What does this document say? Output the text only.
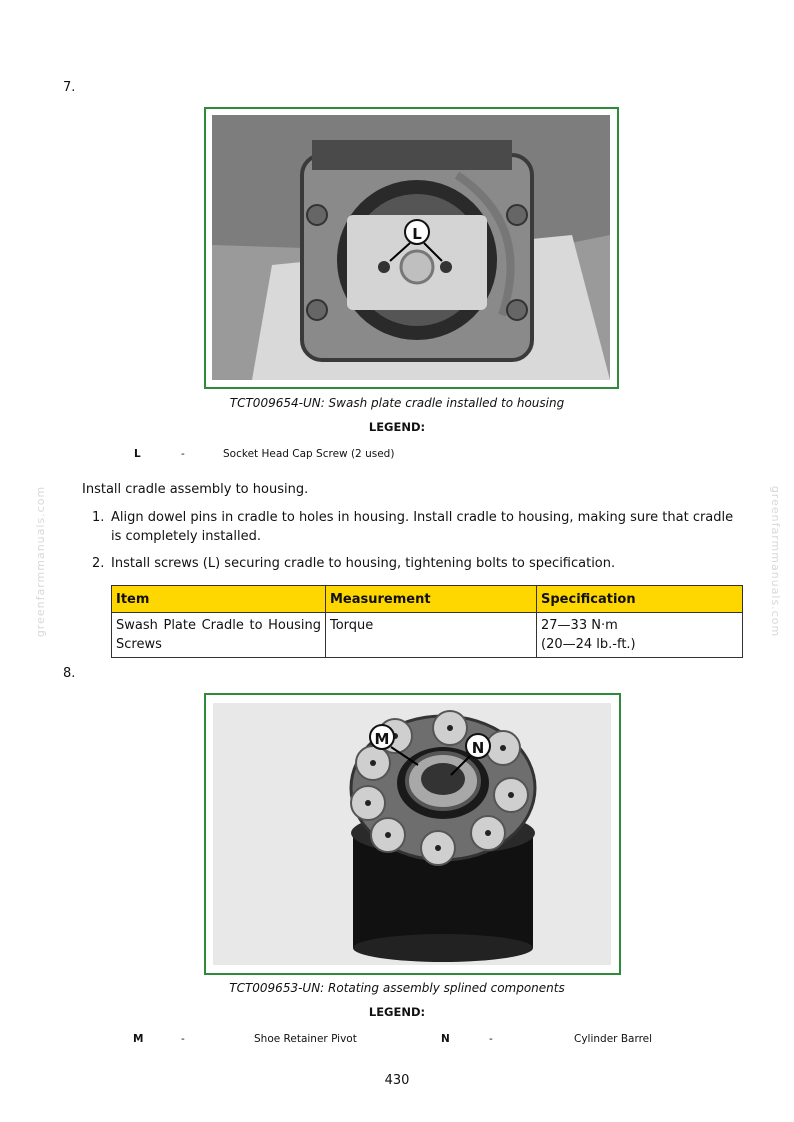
greenfarmmanuals.com	greenfarmmanuals.com
7.
L
TCT009654-UN: Swash plate cradle installed to housing
LEGEND:
L	-	Socket Head Cap Screw (2 used)
Install cradle assembly to housing.
1. Align dowel pins in cradle to holes in housing. Install cradle to housing, making sure that cradle is completely installed.
2. Install screws (L) securing cradle to housing, tightening bolts to specification.
Item	Measurement	Specification
Swash Plate Cradle to Housing Screws	Torque	27—33 N·m
(20—24 lb.-ft.)
8.
M	N
TCT009653-UN: Rotating assembly splined components
LEGEND:
M	-	Shoe Retainer Pivot	N	-	Cylinder Barrel
430
